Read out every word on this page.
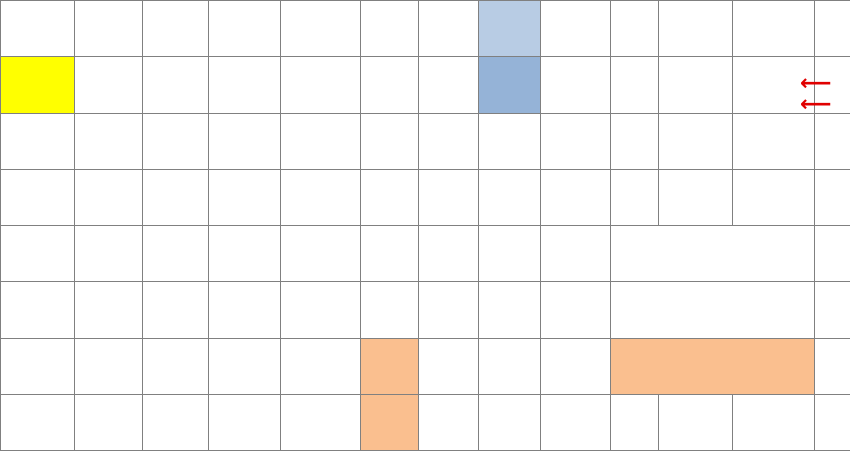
⟵
⟵
